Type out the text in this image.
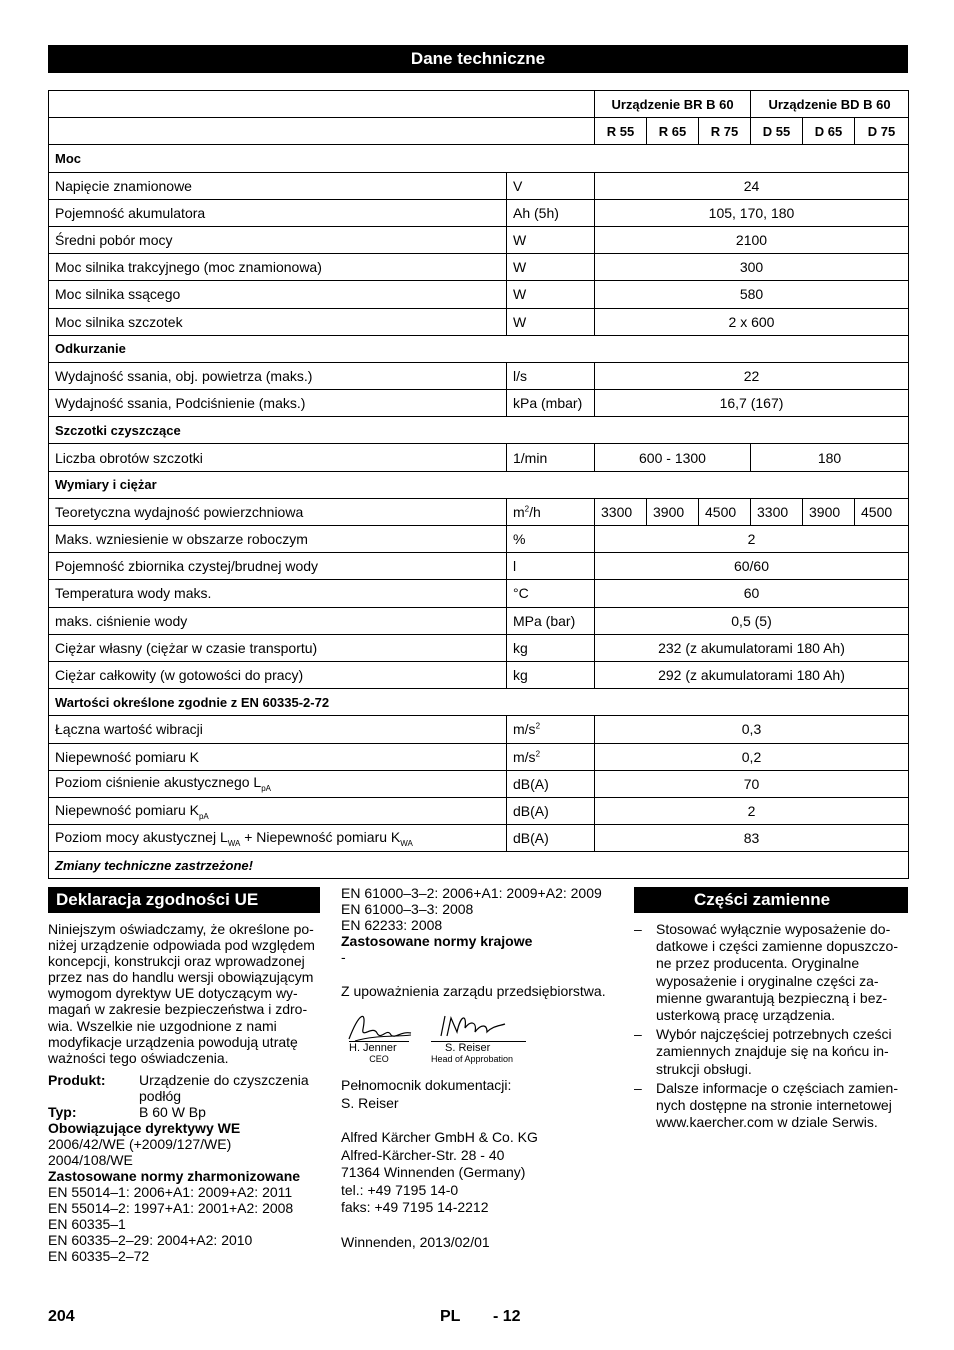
Dane techniczne
		Urządzenie BR B 60			Urządzenie BD B 60		
		R 55	R 65	R 75	D 55	D 65	D 75
Moc							
Napięcie znamionowe	V	24					
Pojemność akumulatora	Ah (5h)	105, 170, 180					
Średni pobór mocy	W	2100					
Moc silnika trakcyjnego (moc znamionowa)	W	300					
Moc silnika ssącego	W	580					
Moc silnika szczotek	W	2 x 600					
Odkurzanie							
Wydajność ssania, obj. powietrza (maks.)	l/s	22					
Wydajność ssania, Podciśnienie (maks.)	kPa (mbar)	16,7 (167)					
Szczotki czyszczące							
Liczba obrotów szczotki	1/min	600 - 1300			180		
Wymiary i ciężar							
Teoretyczna wydajność powierzchniowa	$m^2/h$	3300	3900	4500	3300	3900	4500
Maks. wzniesienie w obszarze roboczym	%	2					
Pojemność zbiornika czystej/brudnej wody	l	60/60					
Temperatura wody maks.	°C	60					
maks. ciśnienie wody	MPa (bar)	0,5 (5)					
Ciężar własny (ciężar w czasie transportu)	kg	232 (z akumulatorami 180 Ah)					
Ciężar całkowity (w gotowości do pracy)	kg	292 (z akumulatorami 180 Ah)					
Wartości określone zgodnie z EN 60335-2-72							
Łączna wartość wibracji	$m/s^2$	0,3					
Niepewność pomiaru K	$m/s^2$	0,2					
Poziom ciśnienie akustycznego $L_{pA}$	dB(A)	70					
Niepewność pomiaru $K_{pA}$	dB(A)	2					
Poziom mocy akustycznej $L_{WA}$ + Niepewność pomiaru $K_{WA}$	dB(A)	83					
Zmiany techniczne zastrzeżone!							
Deklaracja zgodności UE

Niniejszym oświadczamy, że określone po-niżej urządzenie odpowiada pod względem koncepcji, konstrukcji oraz wprowadzonej przez nas do handlu wersji obowiązującym wymogom dyrektyw UE dotyczącym wy-magań w zakresie bezpieczeństwa i zdro-wia. Wszelkie nie uzgodnione z nami modyfikacje urządzenia powodują utratę ważności tego oświadczenia.

Produkt:	Urządzenie do czyszczenia podłóg
Typ:	B 60 W Bp

Obowiązujące dyrektywy WE

2006/42/WE (+2009/127/WE)

2004/108/WE

Zastosowane normy zharmonizowane

EN 55014–1: 2006+A1: 2009+A2: 2011

EN 55014–2: 1997+A1: 2001+A2: 2008

EN 60335–1

EN 60335–2–29: 2004+A2: 2010

EN 60335–2–72

EN 61000–3–2: 2006+A1: 2009+A2: 2009

EN 61000–3–3: 2008

EN 62233: 2008

Zastosowane normy krajowe

-

Z upoważnienia zarządu przedsiębiorstwa.

H. Jenner
CEO
S. Reiser
Head of Approbation

Pełnomocnik dokumentacji:

S. Reiser

Alfred Kärcher GmbH & Co. KG

Alfred-Kärcher-Str. 28 - 40

71364 Winnenden (Germany)

tel.: +49 7195 14-0

faks: +49 7195 14-2212

Winnenden, 2013/02/01

Części zamienne
– Stosować wyłącznie wyposażenie do-datkowe i części zamienne dopuszczo-ne przez producenta. Oryginalne wyposażenie i oryginalne części za-mienne gwarantują bezpieczną i bez-usterkową pracę urządzenia.
– Wybór najczęściej potrzebnych cześci zamiennych znajduje się na końcu in-strukcji obsługi.
– Dalsze informacje o częściach zamien-nych dostępne na stronie internetowej www.kaercher.com w dziale Serwis.
204	PL - 12
